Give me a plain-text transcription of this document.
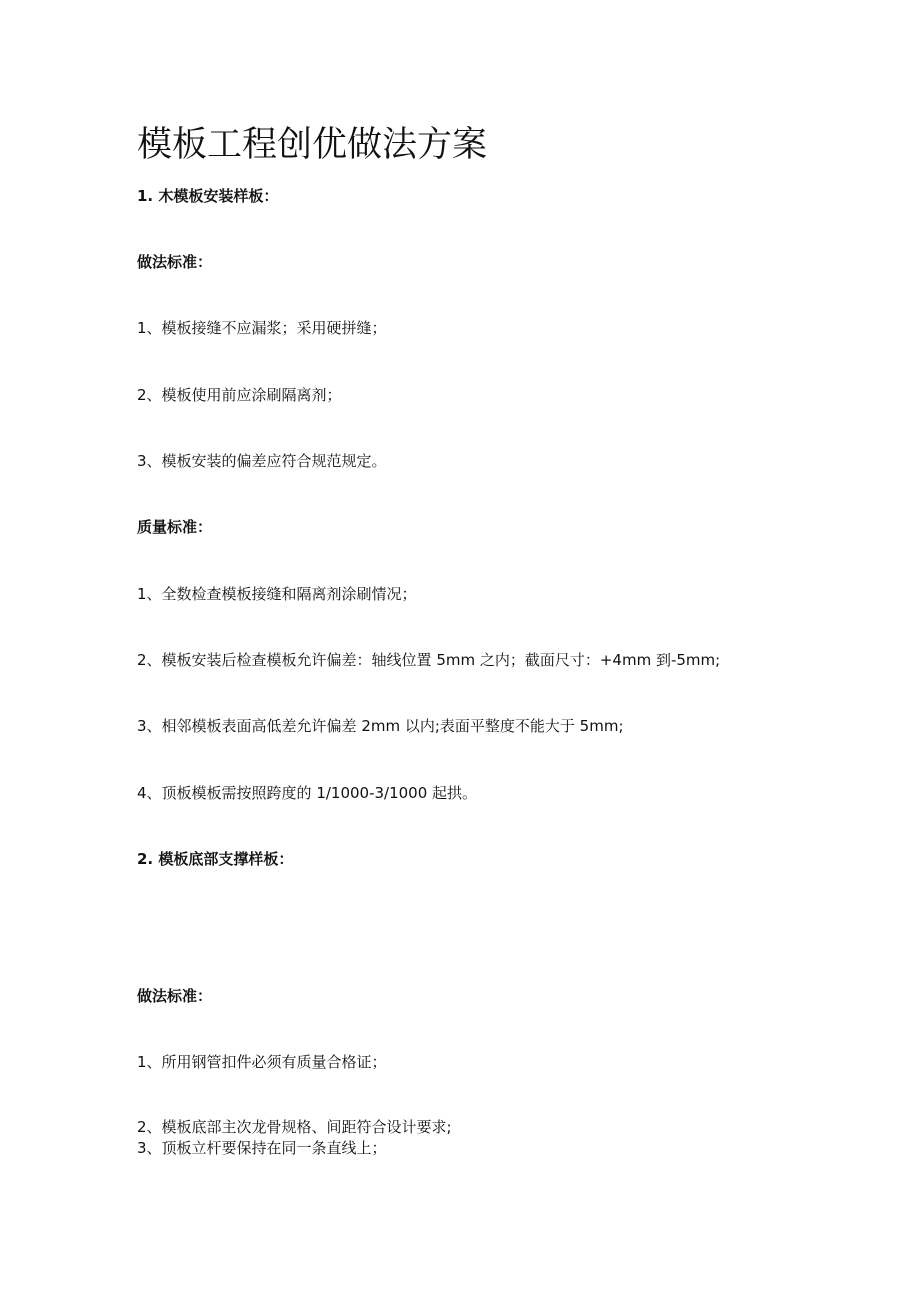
模板工程创优做法方案

1. 木模板安装样板：

做法标准：

1、模板接缝不应漏浆；采用硬拼缝；

2、模板使用前应涂刷隔离剂；

3、模板安装的偏差应符合规范规定。

质量标准：

1、全数检查模板接缝和隔离剂涂刷情况；

2、模板安装后检查模板允许偏差：轴线位置 5mm 之内；截面尺寸：+4mm 到-5mm;

3、相邻模板表面高低差允许偏差 2mm 以内;表面平整度不能大于 5mm;

4、顶板模板需按照跨度的 1/1000-3/1000 起拱。

2. 模板底部支撑样板：

做法标准：

1、所用钢管扣件必须有质量合格证；

2、模板底部主次龙骨规格、间距符合设计要求;

3、顶板立杆要保持在同一条直线上；
